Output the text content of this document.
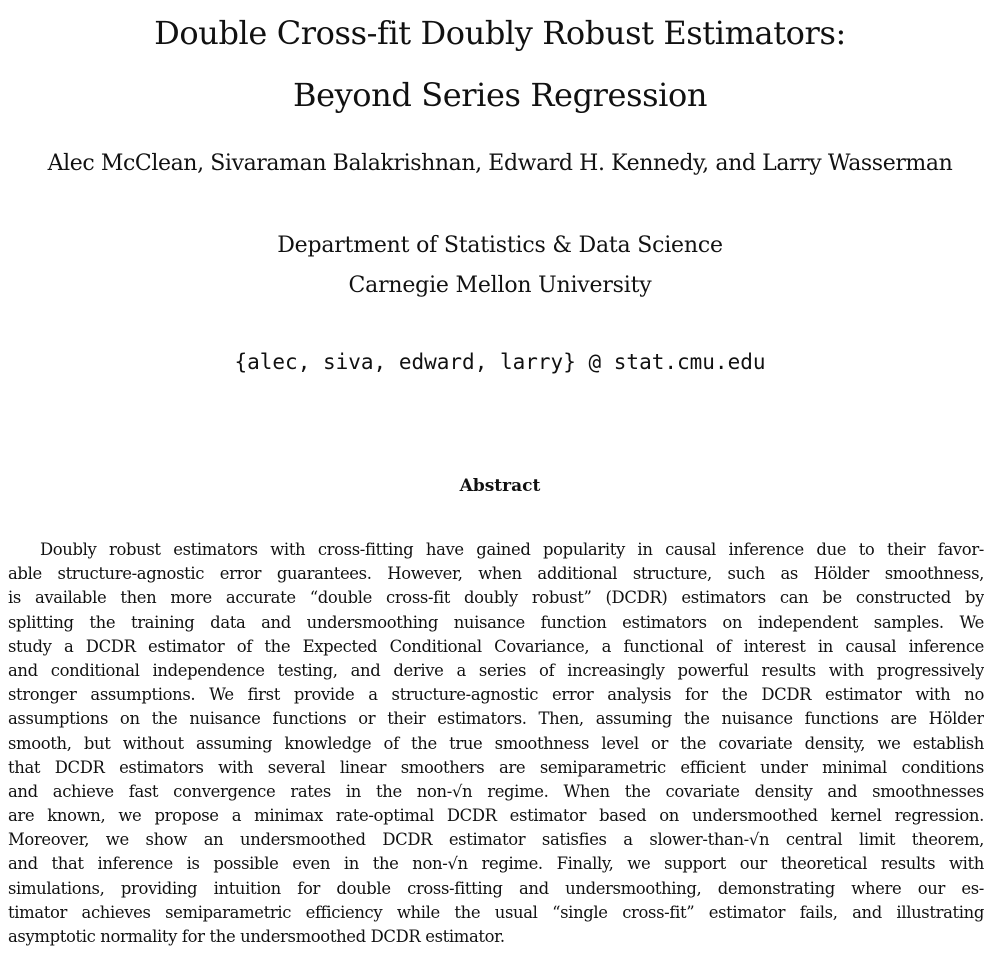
Double Cross-fit Doubly Robust Estimators:
Beyond Series Regression
Alec McClean, Sivaraman Balakrishnan, Edward H. Kennedy, and Larry Wasserman
Department of Statistics & Data Science
Carnegie Mellon University
{alec, siva, edward, larry} @ stat.cmu.edu
Abstract
Doubly robust estimators with cross-fitting have gained popularity in causal inference due to their favor-
able structure-agnostic error guarantees. However, when additional structure, such as Hölder smoothness,
is available then more accurate “double cross-fit doubly robust” (DCDR) estimators can be constructed by
splitting the training data and undersmoothing nuisance function estimators on independent samples. We
study a DCDR estimator of the Expected Conditional Covariance, a functional of interest in causal inference
and conditional independence testing, and derive a series of increasingly powerful results with progressively
stronger assumptions. We first provide a structure-agnostic error analysis for the DCDR estimator with no
assumptions on the nuisance functions or their estimators. Then, assuming the nuisance functions are Hölder
smooth, but without assuming knowledge of the true smoothness level or the covariate density, we establish
that DCDR estimators with several linear smoothers are semiparametric efficient under minimal conditions
and achieve fast convergence rates in the non-√n regime. When the covariate density and smoothnesses
are known, we propose a minimax rate-optimal DCDR estimator based on undersmoothed kernel regression.
Moreover, we show an undersmoothed DCDR estimator satisfies a slower-than-√n central limit theorem,
and that inference is possible even in the non-√n regime. Finally, we support our theoretical results with
simulations, providing intuition for double cross-fitting and undersmoothing, demonstrating where our es-
timator achieves semiparametric efficiency while the usual “single cross-fit” estimator fails, and illustrating
asymptotic normality for the undersmoothed DCDR estimator.
